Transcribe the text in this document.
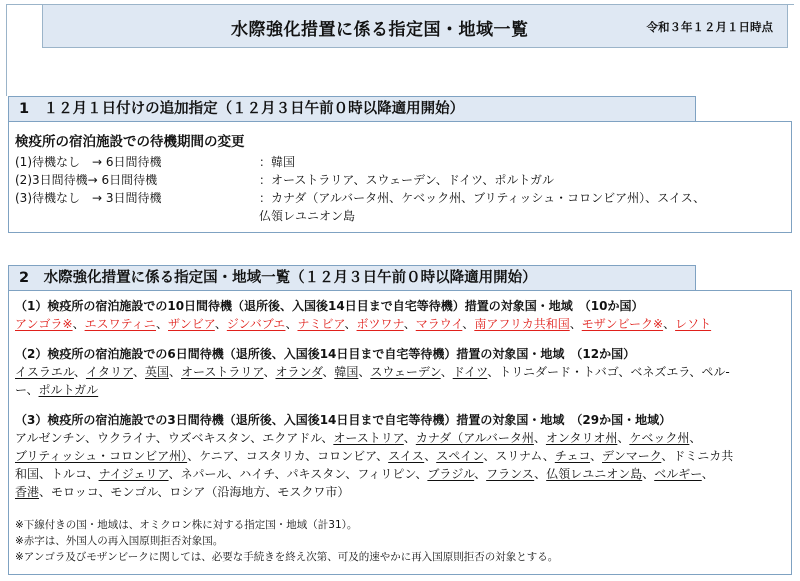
水際強化措置に係る指定国・地域一覧	令和３年１２月１日時点
1　１２月１日付けの追加指定（１２月３日午前０時以降適用開始）
検疫所の宿泊施設での待機期間の変更
(1)待機なし　→ 6日間待機	：韓国
(2)3日間待機→ 6日間待機	：オーストラリア、スウェーデン、ドイツ、ポルトガル
(3)待機なし　→ 3日間待機	：カナダ（アルバータ州、ケベック州、ブリティッシュ・コロンビア州）、スイス、
仏領レユニオン島
2　水際強化措置に係る指定国・地域一覧（１２月３日午前０時以降適用開始）
（1）検疫所の宿泊施設での10日間待機（退所後、入国後14日目まで自宅等待機）措置の対象国・地域　（10か国）
アンゴラ※、エスワティニ、ザンビア、ジンバブエ、ナミビア、ボツワナ、マラウイ、南アフリカ共和国、モザンビーク※、レソト
（2）検疫所の宿泊施設での6日間待機（退所後、入国後14日目まで自宅等待機）措置の対象国・地域　（12か国）
イスラエル、イタリア、英国、オーストラリア、オランダ、韓国、スウェーデン、ドイツ、トリニダード・トバゴ、ベネズエラ、ペル-
ー、ポルトガル
（3）検疫所の宿泊施設での3日間待機（退所後、入国後14日目まで自宅等待機）措置の対象国・地域　（29か国・地域）
アルゼンチン、ウクライナ、ウズベキスタン、エクアドル、オーストリア、カナダ（アルバータ州、オンタリオ州、ケベック州、
ブリティッシュ・コロンビア州）、ケニア、コスタリカ、コロンビア、スイス、スペイン、スリナム、チェコ、デンマーク、ドミニカ共
和国、トルコ、ナイジェリア、ネパール、ハイチ、パキスタン、フィリピン、ブラジル、フランス、仏領レユニオン島、ベルギー、
香港、モロッコ、モンゴル、ロシア（沿海地方、モスクワ市）
※下線付きの国・地域は、オミクロン株に対する指定国・地域（計31）。
※赤字は、外国人の再入国原則拒否対象国。
※アンゴラ及びモザンビークに関しては、必要な手続きを終え次第、可及的速やかに再入国原則拒否の対象とする。
